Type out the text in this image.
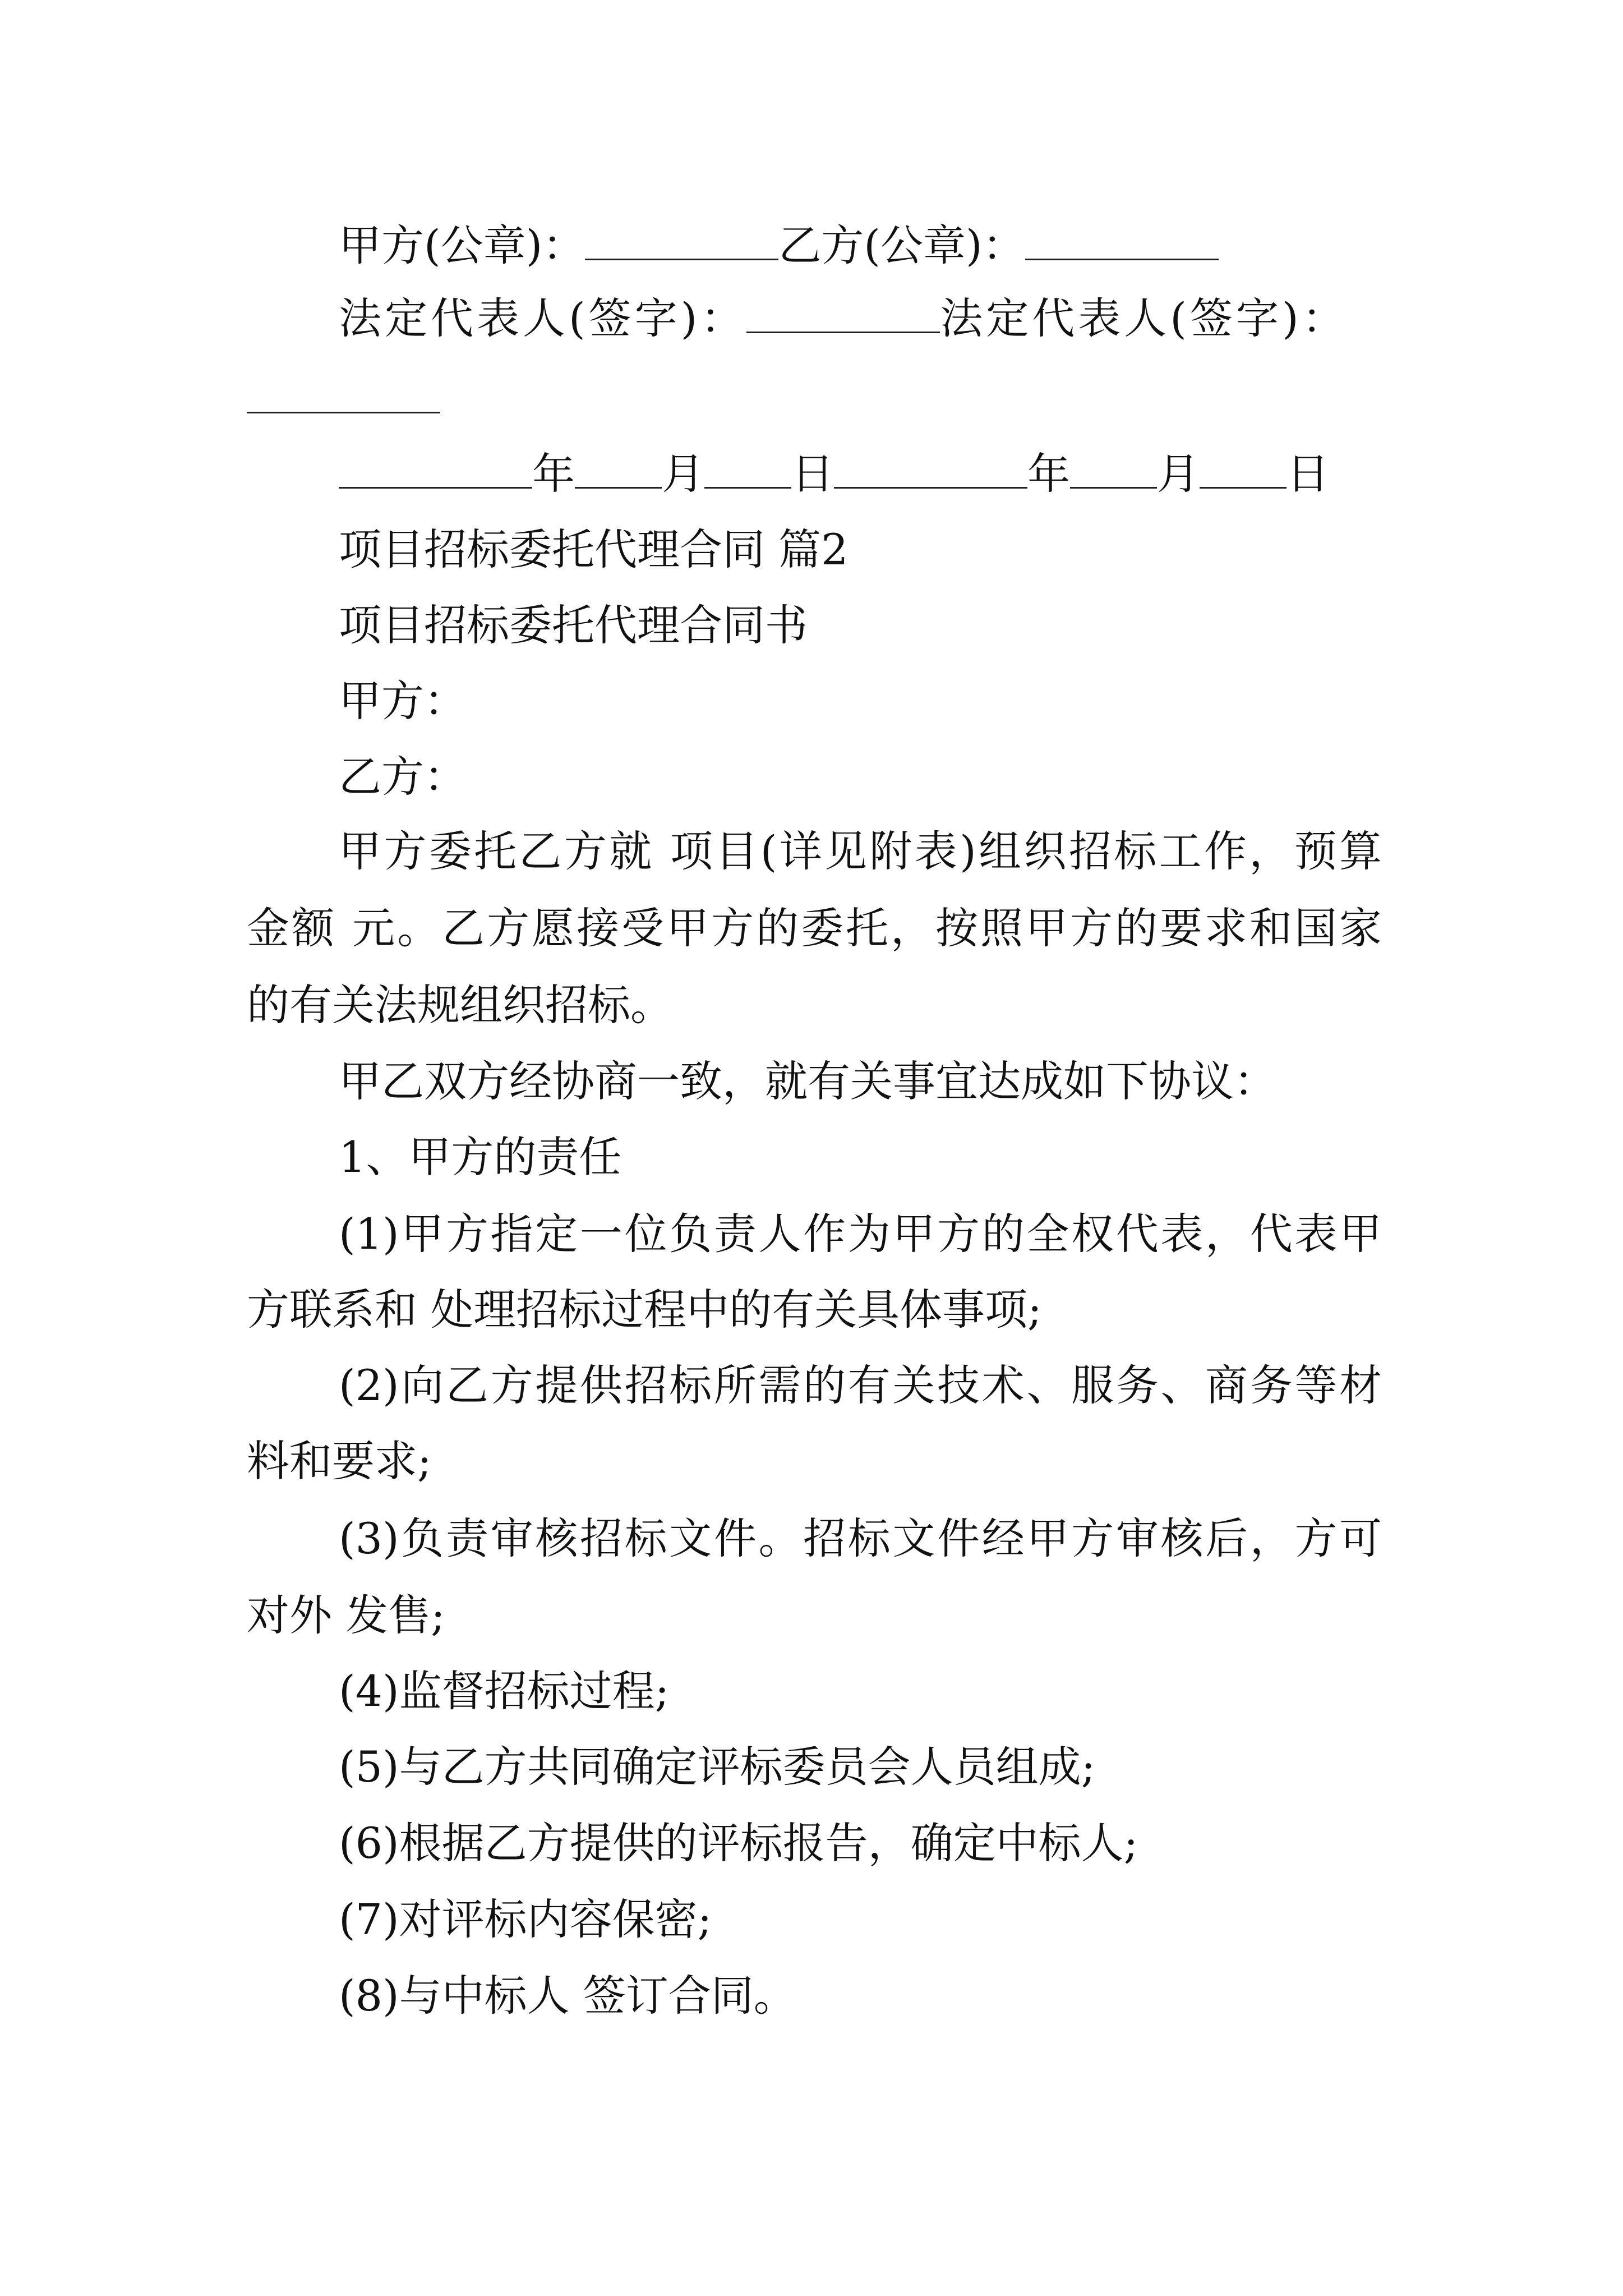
甲方(公章)：	乙方(公章)：
法定代表人(签字)：	法定代表人(签字)：
年 月 日	年 月 日
项目招标委托代理合同 篇2
项目招标委托代理合同书
甲方：
乙方：
甲方委托乙方就 项目(详见附表)组织招标工作，预算
金额 元。乙方愿接受甲方的委托，按照甲方的要求和国家
的有关法规组织招标。
甲乙双方经协商一致，就有关事宜达成如下协议：
1、甲方的责任
(1)甲方指定一位负责人作为甲方的全权代表，代表甲
方联系和 处理招标过程中的有关具体事项;
(2)向乙方提供招标所需的有关技术、服务、商务等材
料和要求;
(3)负责审核招标文件。招标文件经甲方审核后，方可
对外 发售;
(4)监督招标过程;
(5)与乙方共同确定评标委员会人员组成;
(6)根据乙方提供的评标报告，确定中标人;
(7)对评标内容保密;
(8)与中标人 签订合同。
